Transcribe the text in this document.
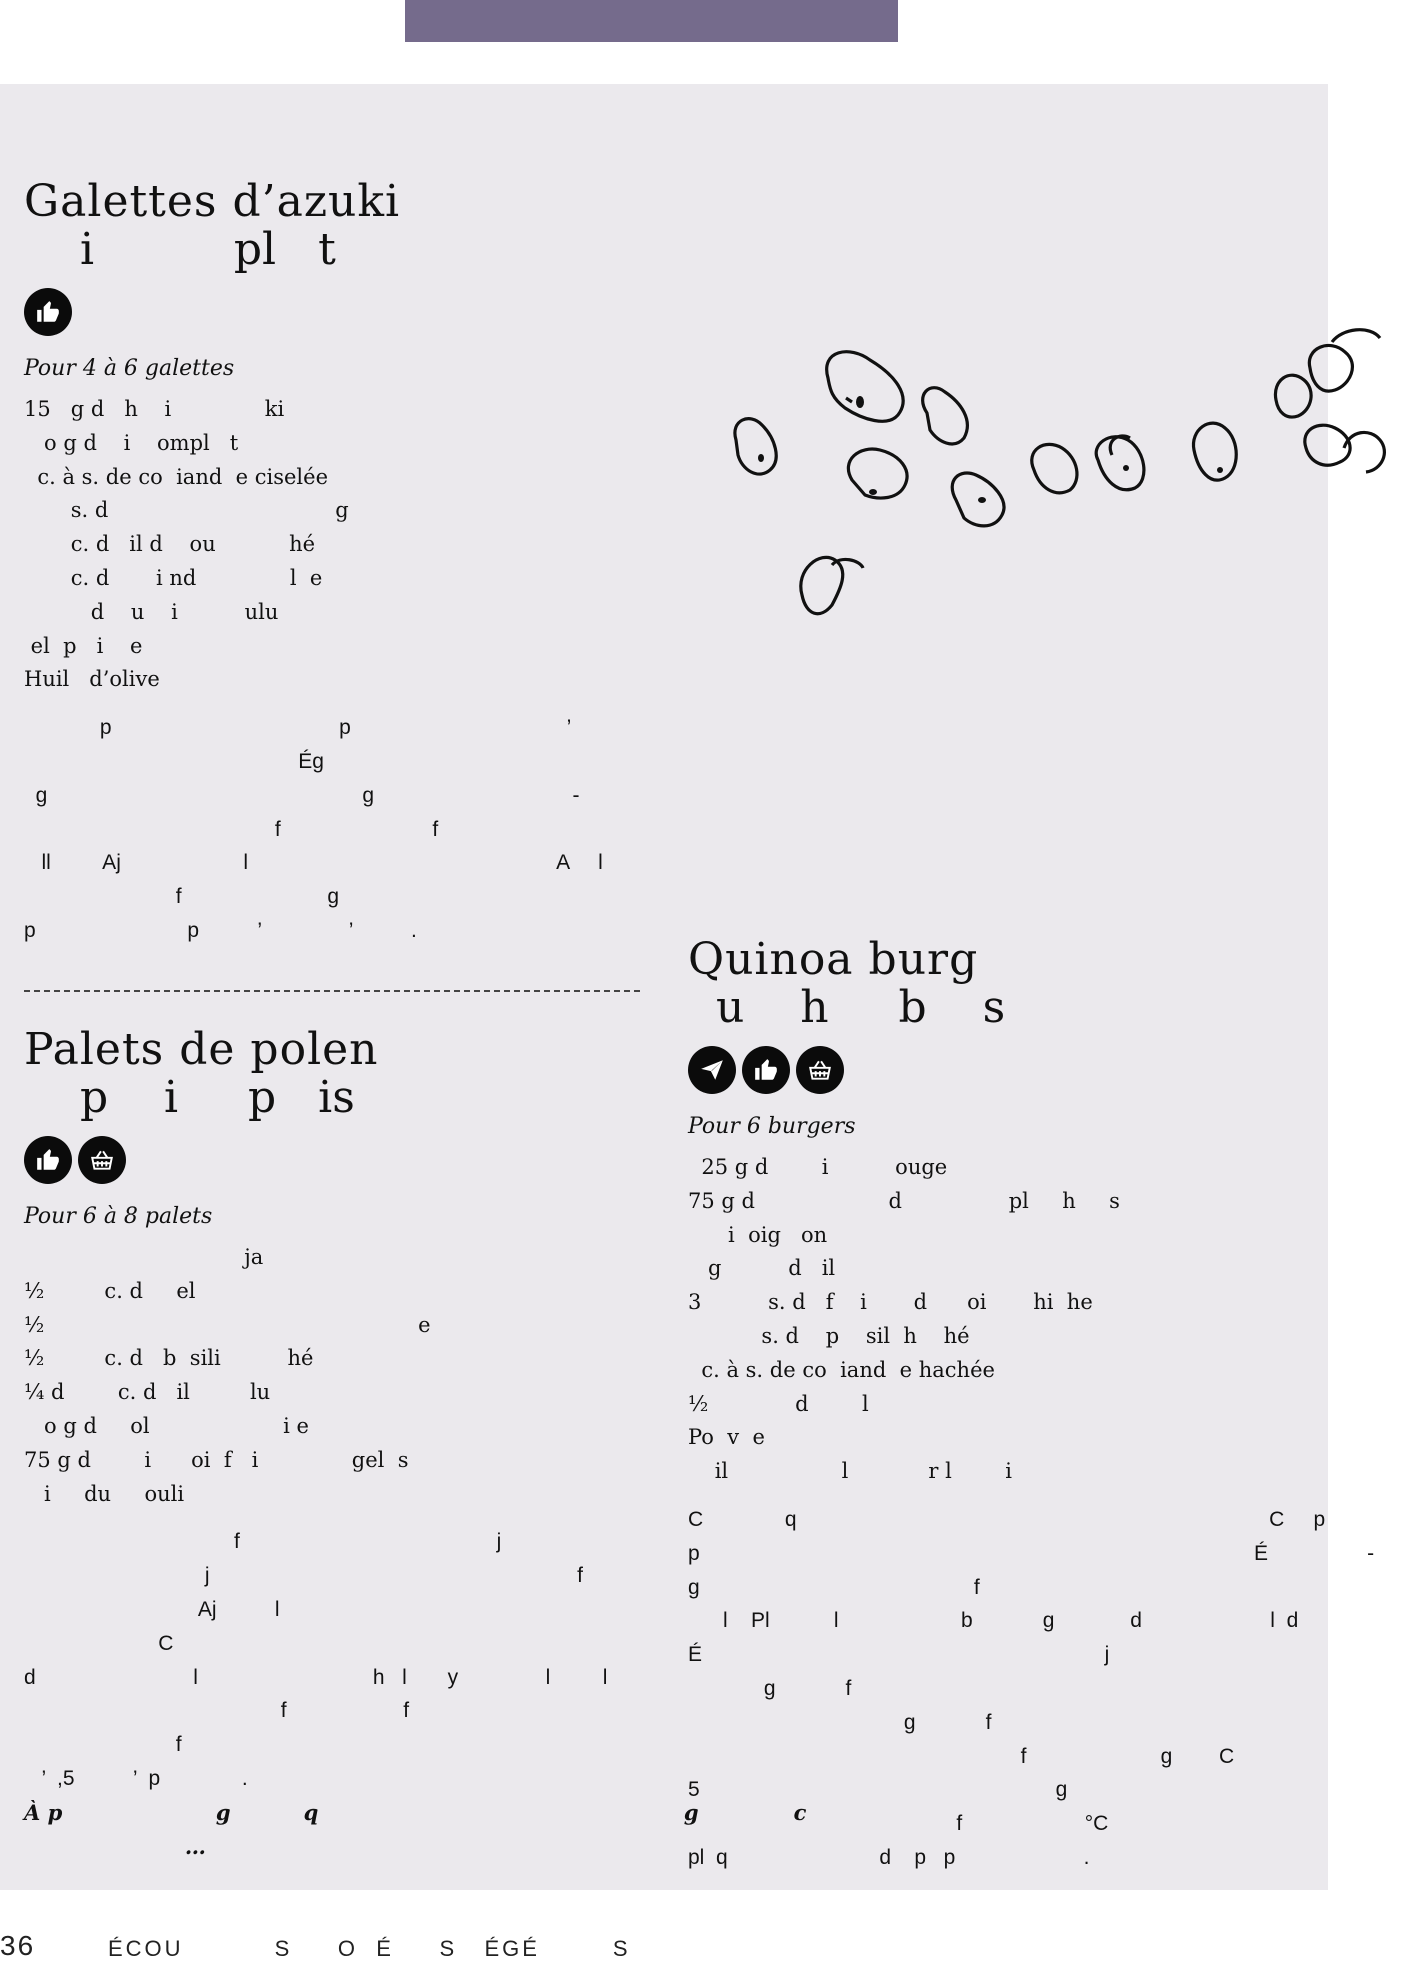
Galettes d’azuki
i          pl   t
Pour 4 à 6 galettes
15   g d   h    i              ki
o g d    i    ompl   t
c. à s. de co  iand  e ciselée
s. d                                  g
c. d   il d    ou           hé
c. d       i nd              l  e
d    u    i          ulu
el  p   i    e
Huil   d’olive
p                                       p                                     ’
Ég
g                                                      g                                  -
f                          f
ll         Aj                     l                                                     A     l
f                         g
p                          p          ’               ’          .
Palets de polen
p    i     p   is
Pour 6 à 8 palets
ja
½         c. d     el
½                                                        e
½         c. d   b  sili          hé
¼ d        c. d   il         lu
o g d     ol                    i e
75 g d        i      oi  f   i              gel  s
i     du     ouli
f                                            j
j                                                               f
Aj          l
C
d                           l                              h   l       y               l         l
f                    f
f
’  ,5          ’  p              .
À p                     g          q                                                  g             c
…
Quinoa burg
u    h     b    s
Pour 6 burgers
25 g d        i          ouge
75 g d                    d                pl     h     s
i  oig   on
g          d   il
3          s. d   f    i       d      oi       hi  he
s. d    p    sil  h    hé
c. à s. de co  iand  e hachée
½             d        l
Po  v  e
il                 l            r l        i
C              q                                                                                 C     p
p                                                                                               É                 -
g                                               f
l    Pl           l                     b            g             d                      l  d
É                                                                     j
g            f
g            f
f                       g        C
5                                                             g
f                     °C
pl  q                          d    p   p                      .
36	ÉCOU          S     O  É     S   ÉGÉ        S
